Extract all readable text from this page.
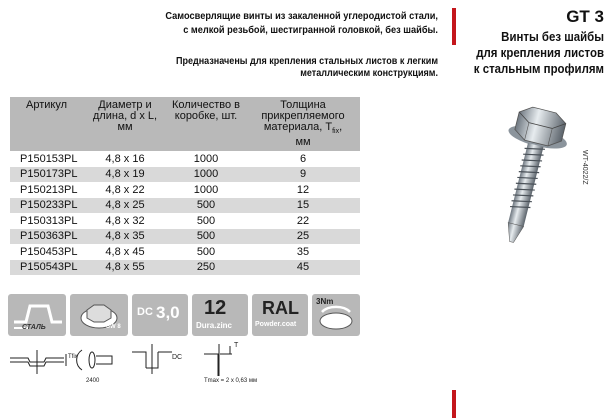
Самосверлящие винты из закаленной углеродистой стали,
с мелкой резьбой, шестигранной головкой, без шайбы.
Предназначены для крепления стальных листов к легким металлическим конструкциям.
GT 3
Винты без шайбы
для крепления листов
к стальным профилям
WT-4022/Z
Артикул	Диаметр и длина, d x L, мм	Количество в коробке, шт.	Толщина прикрепляемого материала, $T_{fix}$,
мм
P150153PL	4,8 x 16	1000	6
P150173PL	4,8 x 19	1000	9
P150213PL	4,8 x 22	1000	12
P150233PL	4,8 x 25	500	15
P150313PL	4,8 x 32	500	22
P150363PL	4,8 x 35	500	25
P150453PL	4,8 x 45	500	35
P150543PL	4,8 x 55	250	45
СТАЛЬ	SW 8
DC 3,0 12
Dura.zinc
RAL
Powder.coat
3Nm
Tfix
2400
DC
T
Tmax = 2 x 0,63 мм
